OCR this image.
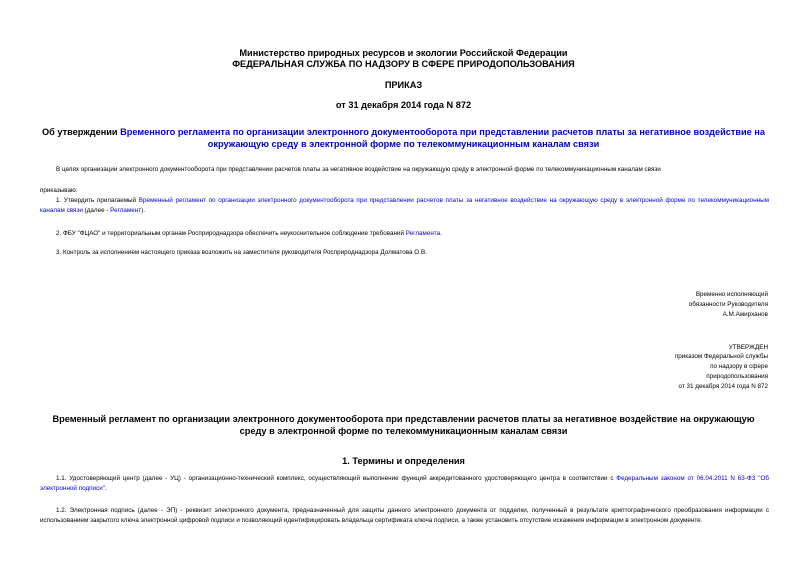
Министерство природных ресурсов и экологии Российской Федерации
ФЕДЕРАЛЬНАЯ СЛУЖБА ПО НАДЗОРУ В СФЕРЕ ПРИРОДОПОЛЬЗОВАНИЯ
ПРИКАЗ
от 31 декабря 2014 года N 872
Об утверждении Временного регламента по организации электронного документооборота при представлении расчетов платы за негативное воздействие на окружающую среду в электронной форме по телекоммуникационным каналам связи
В целях организации электронного документооборота при представлении расчетов платы за негативное воздействие на окружающую среду в электронной форме по телекоммуникационным каналам связи
приказываю:
1. Утвердить прилагаемый Временный регламент по организации электронного документооборота при представлении расчетов платы за негативное воздействие на окружающую среду в электронной форме по телекоммуникационным каналам связи (далее - Регламент).
2. ФБУ "ФЦАО" и территориальным органам Росприроднадзора обеспечить неукоснительное соблюдение требований Регламента.
3. Контроль за исполнением настоящего приказа возложить на заместителя руководителя Росприроднадзора Долматова О.В.
Временно исполняющий
обязанности Руководителя
А.М.Амирханов
УТВЕРЖДЕН
приказом Федеральной службы
по надзору в сфере
природопользования
от 31 декабря 2014 года N 872
Временный регламент по организации электронного документооборота при представлении расчетов платы за негативное воздействие на окружающую среду в электронной форме по телекоммуникационным каналам связи
1. Термины и определения
1.1. Удостоверяющий центр (далее - УЦ) - организационно-технический комплекс, осуществляющий выполнение функций аккредитованного удостоверяющего центра в соответствии с Федеральным законом от 06.04.2011 N 63-ФЗ "Об электронной подписи".
1.2. Электронная подпись (далее - ЭП) - реквизит электронного документа, предназначенный для защиты данного электронного документа от подделки, полученный в результате криптографического преобразования информации с использованием закрытого ключа электронной цифровой подписи и позволяющий идентифицировать владельца сертификата ключа подписи, а также установить отсутствие искажения информации в электронном документе.
